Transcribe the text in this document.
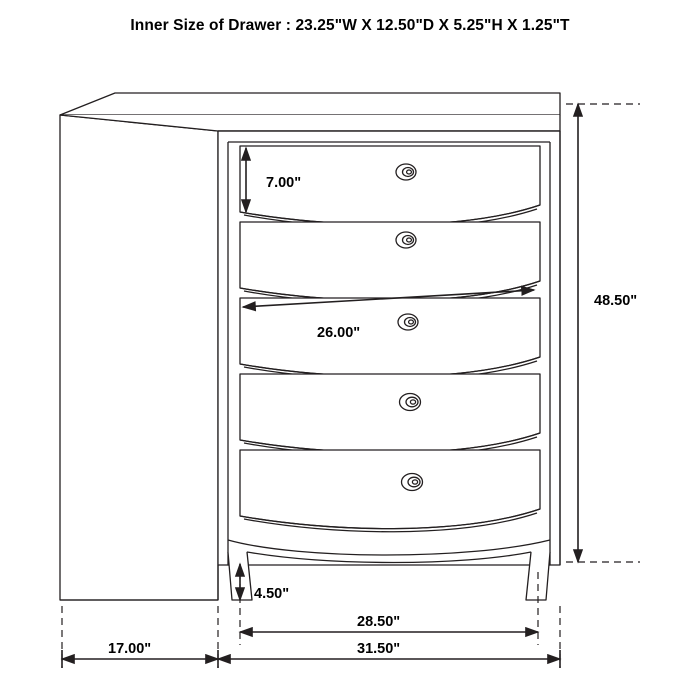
Inner Size of Drawer : 23.25"W X 12.50"D X 5.25"H X 1.25"T
7.00"
26.00"
48.50"
4.50"
28.50"
17.00"	31.50"
